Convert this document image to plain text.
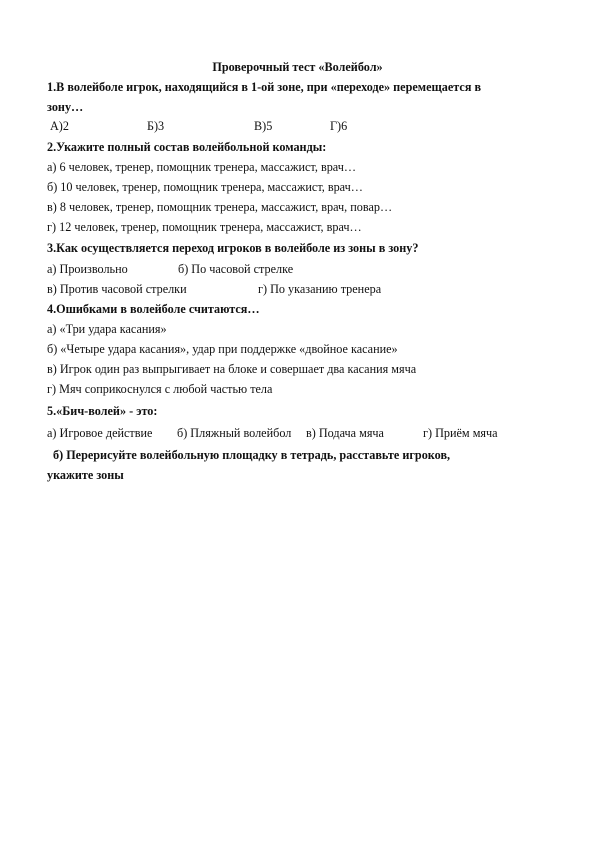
Проверочный тест «Волейбол»
1.В волейболе игрок, находящийся в 1-ой зоне, при «переходе» перемещается в
зону…
А)2	Б)3	В)5	Г)6
2.Укажите полный состав волейбольной команды:
а) 6 человек, тренер, помощник тренера, массажист, врач…
б) 10 человек, тренер, помощник тренера, массажист, врач…
в) 8 человек, тренер, помощник тренера, массажист, врач, повар…
г) 12 человек, тренер, помощник тренера, массажист, врач…
3.Как осуществляется переход игроков в волейболе из зоны в зону?
а) Произвольно	б) По часовой стрелке
в) Против часовой стрелки	г) По указанию тренера
4.Ошибками в волейболе считаются…
а) «Три удара касания»
б) «Четыре удара касания», удар при поддержке «двойное касание»
в) Игрок один раз выпрыгивает на блоке и совершает два касания мяча
г) Мяч соприкоснулся с любой частью тела
5.«Бич-волей» - это:
а) Игровое действие б) Пляжный волейбол в) Подача мяча	г) Приём мяча
б) Перерисуйте волейбольную площадку в тетрадь, расставьте игроков,
укажите зоны
